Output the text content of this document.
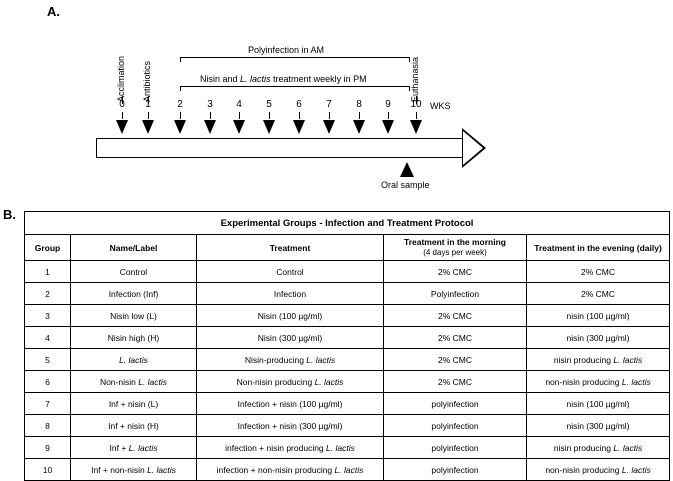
A.
Acclimation Antibiotics	Euthanasia
Polyinfection in AM
Nisin and L. lactis treatment weekly in PM
0	1	2	3	4	5	6	7	8	9	10 WKS
Oral sample
B.
Experimental Groups - Infection and Treatment Protocol				
Group	Name/Label	Treatment	Treatment in the morning
(4 days per week)	Treatment in the evening (daily)
1	Control	Control	2% CMC	2% CMC
2	Infection (Inf)	Infection	Polyinfection	2% CMC
3	Nisin low (L)	Nisin (100 µg/ml)	2% CMC	nisin (100 µg/ml)
4	Nisin high (H)	Nisin (300 µg/ml)	2% CMC	nisin (300 µg/ml)
5	L. lactis	Nisin-producing L. lactis	2% CMC	nisin producing L. lactis
6	Non-nisin L. lactis	Non-nisin producing L. lactis	2% CMC	non-nisin producing L. lactis
7	Inf + nisin (L)	Infection + nisin (100 µg/ml)	polyinfection	nisin (100 µg/ml)
8	Inf + nisin (H)	Infection + nisin (300 µg/ml)	polyinfection	nisin (300 µg/ml)
9	Inf + L. lactis	infection + nisin producing L. lactis	polyinfection	nisin producing L. lactis
10	Inf + non-nisin L. lactis	infection + non-nisin producing L. lactis	polyinfection	non-nisin producing L. lactis
